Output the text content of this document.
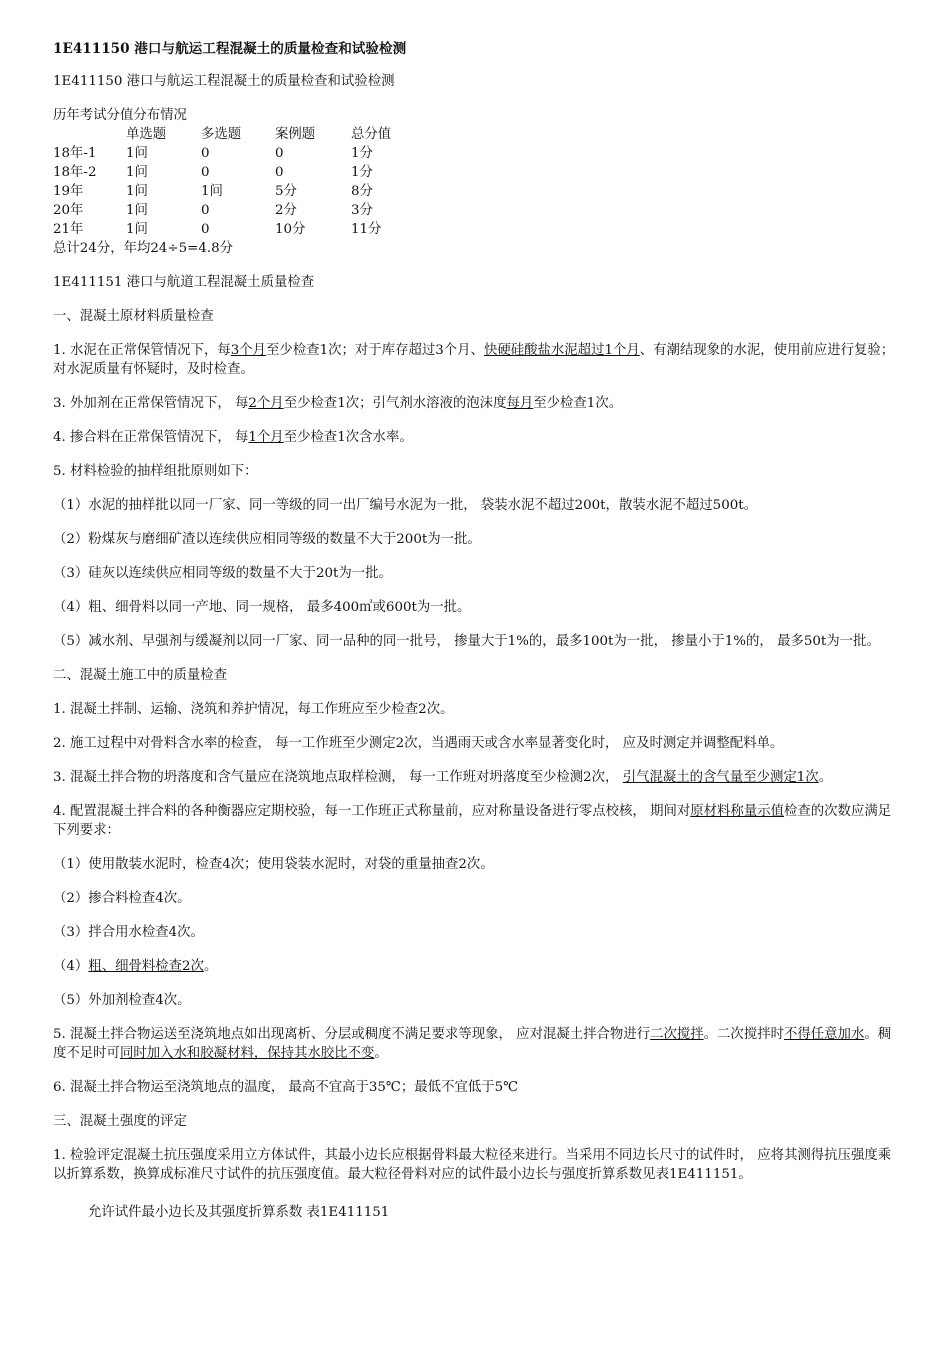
1E411150 港口与航运工程混凝土的质量检查和试验检测

1E411150 港口与航运工程混凝土的质量检查和试验检测

历年考试分值分布情况
	单选题	多选题	案例题	总分值
18年-1	1问	0	0	1分
18年-2	1问	0	0	1分
19年	1问	1问	5分	8分
20年	1问	0	2分	3分
21年	1问	0	10分	11分

总计24分，年均24÷5=4.8分

1E411151 港口与航道工程混凝土质量检查

一、混凝土原材料质量检查

1. 水泥在正常保管情况下，每3个月至少检查1次；对于库存超过3个月、快硬硅酸盐水泥超过1个月、有潮结现象的水泥，使用前应进行复验；对水泥质量有怀疑时，及时检查。

3. 外加剂在正常保管情况下， 每2个月至少检查1次；引气剂水溶液的泡沫度每月至少检查1次。

4. 掺合料在正常保管情况下， 每1个月至少检查1次含水率。

5. 材料检验的抽样组批原则如下：

（1）水泥的抽样批以同一厂家、同一等级的同一出厂编号水泥为一批， 袋装水泥不超过200t，散装水泥不超过500t。

（2）粉煤灰与磨细矿渣以连续供应相同等级的数量不大于200t为一批。

（3）硅灰以连续供应相同等级的数量不大于20t为一批。

（4）粗、细骨料以同一产地、同一规格， 最多400㎥或600t为一批。

（5）减水剂、早强剂与缓凝剂以同一厂家、同一品种的同一批号， 掺量大于1%的，最多100t为一批， 掺量小于1%的， 最多50t为一批。

二、混凝土施工中的质量检查

1. 混凝土拌制、运输、浇筑和养护情况，每工作班应至少检查2次。

2. 施工过程中对骨料含水率的检查， 每一工作班至少测定2次，当遇雨天或含水率显著变化时， 应及时测定并调整配料单。

3. 混凝土拌合物的坍落度和含气量应在浇筑地点取样检测， 每一工作班对坍落度至少检测2次， 引气混凝土的含气量至少测定1次。

4. 配置混凝土拌合料的各种衡器应定期校验，每一工作班正式称量前，应对称量设备进行零点校核， 期间对原材料称量示值检查的次数应满足下列要求：

（1）使用散装水泥时，检查4次；使用袋装水泥时，对袋的重量抽查2次。

（2）掺合料检查4次。

（3）拌合用水检查4次。

（4）粗、细骨料检查2次。

（5）外加剂检查4次。

5. 混凝土拌合物运送至浇筑地点如出现离析、分层或稠度不满足要求等现象， 应对混凝土拌合物进行二次搅拌。二次搅拌时不得任意加水。稠度不足时可同时加入水和胶凝材料，保持其水胶比不变。

6. 混凝土拌合物运至浇筑地点的温度， 最高不宜高于35℃；最低不宜低于5℃

三、混凝土强度的评定

1. 检验评定混凝土抗压强度采用立方体试件，其最小边长应根据骨料最大粒径来进行。当采用不同边长尺寸的试件时， 应将其测得抗压强度乘以折算系数，换算成标准尺寸试件的抗压强度值。最大粒径骨料对应的试件最小边长与强度折算系数见表1E411151。

允许试件最小边长及其强度折算系数 表1E411151
